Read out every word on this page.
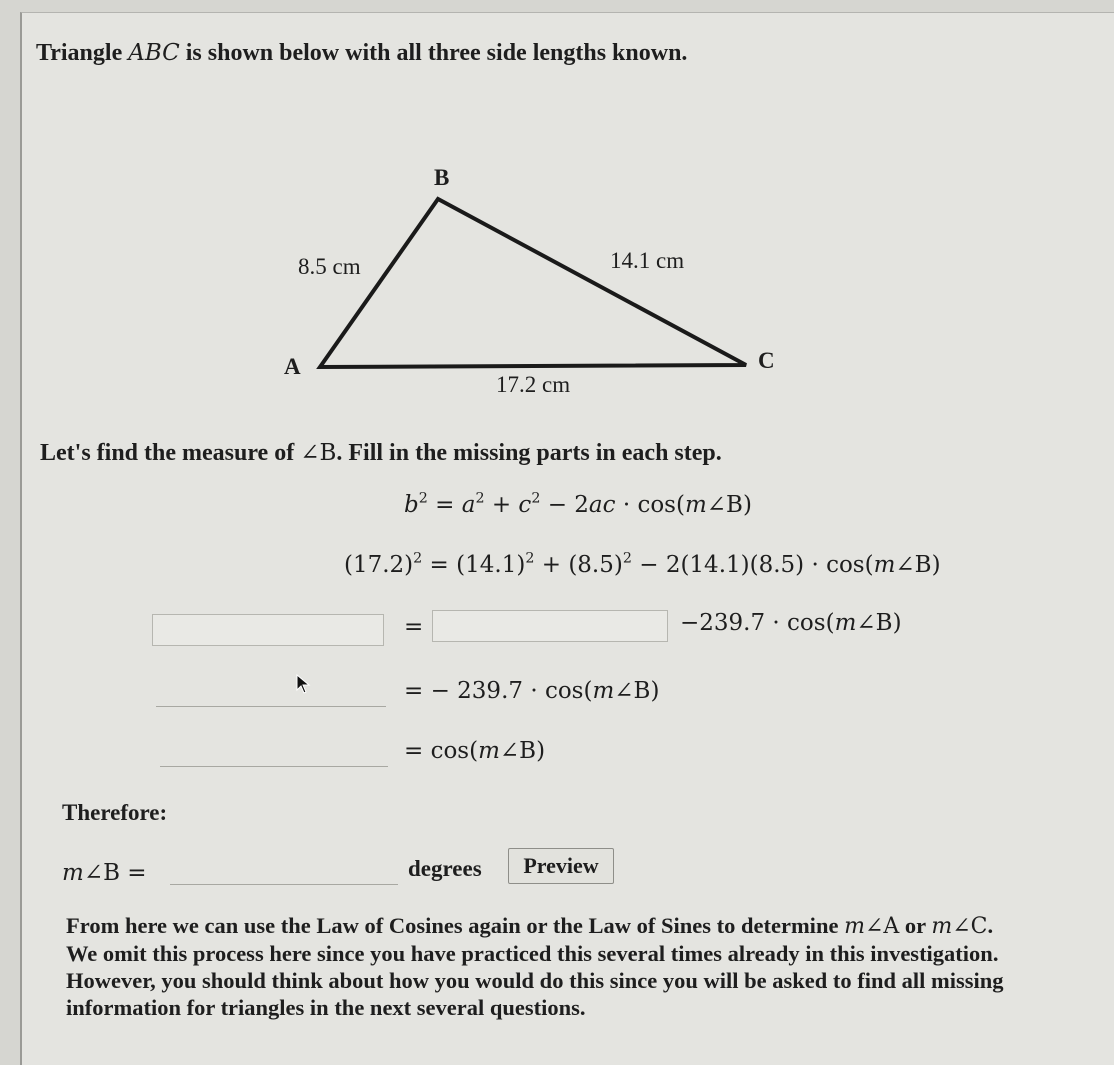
Triangle ABC is shown below with all three side lengths known.
B
A	C
8.5 cm	14.1 cm
17.2 cm
Let's find the measure of ∠B. Fill in the missing parts in each step.
$b^2 = a^2 + c^2 - 2ac$ · cos(m∠B)
$(17.2)^2 = (14.1)^2 + (8.5)^2 - 2(14.1)(8.5)$ · cos(m∠B)
=	−239.7 · cos(m∠B)
= − 239.7 · cos(m∠B)
= cos(m∠B)
Therefore:
m∠B =	degrees	Preview

From here we can use the Law of Cosines again or the Law of Sines to determine m∠A or m∠C.

We omit this process here since you have practiced this several times already in this investigation.

However, you should think about how you would do this since you will be asked to find all missing

information for triangles in the next several questions.
